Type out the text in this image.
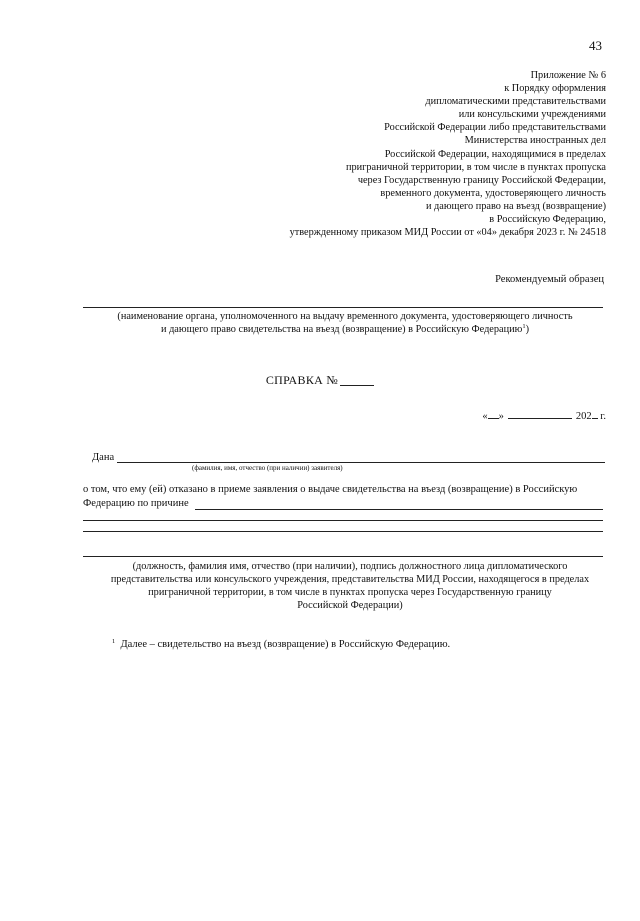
43
Приложение № 6
к Порядку оформления
дипломатическими представительствами
или консульскими учреждениями
Российской Федерации либо представительствами
Министерства иностранных дел
Российской Федерации, находящимися в пределах
приграничной территории, в том числе в пунктах пропуска
через Государственную границу Российской Федерации,
временного документа, удостоверяющего личность
и дающего право на въезд (возвращение)
в Российскую Федерацию,
утвержденному приказом МИД России от «04» декабря 2023 г. № 24518
Рекомендуемый образец
(наименование органа, уполномоченного на выдачу временного документа, удостоверяющего личность
и дающего право свидетельства на въезд (возвращение) в Российскую Федерацию$^1$)
СПРАВКА №
« »	202 г.
Дана
(фамилия, имя, отчество (при наличии) заявителя)
о том, что ему (ей) отказано в приеме заявления о выдаче свидетельства на въезд (возвращение) в Российскую
Федерацию по причине
(должность, фамилия имя, отчество (при наличии), подпись должностного лица дипломатического
представительства или консульского учреждения, представительства МИД России, находящегося в пределах
приграничной территории, в том числе в пунктах пропуска через Государственную границу
Российской Федерации)
$^1$ Далее – свидетельство на въезд (возвращение) в Российскую Федерацию.
